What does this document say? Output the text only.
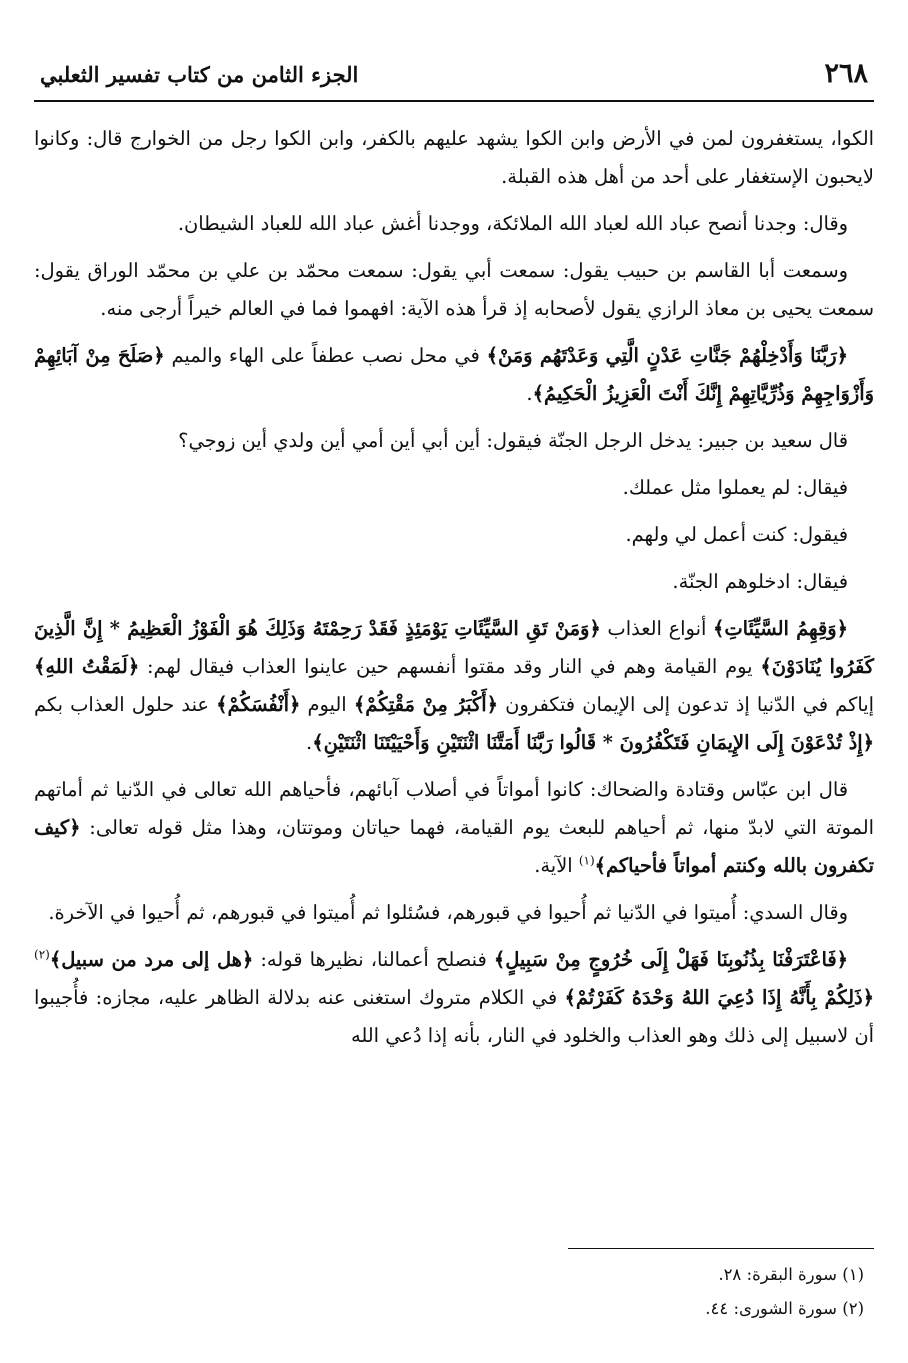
٢٦٨
الجزء الثامن من كتاب تفسير الثعلبي

الكوا، يستغفرون لمن في الأرض وابن الكوا يشهد عليهم بالكفر، وابن الكوا رجل من الخوارج قال: وكانوا لايحبون الإستغفار على أحد من أهل هذه القبلة.

وقال: وجدنا أنصح عباد الله لعباد الله الملائكة، ووجدنا أغش عباد الله للعباد الشيطان.

وسمعت أبا القاسم بن حبيب يقول: سمعت أبي يقول: سمعت محمّد بن علي بن محمّد الوراق يقول: سمعت يحيى بن معاذ الرازي يقول لأصحابه إذ قرأ هذه الآية: افهموا فما في العالم خيراً أرجى منه.

﴿رَبَّنَا وَأَدْخِلْهُمْ جَنَّاتِ عَدْنٍ الَّتِي وَعَدْتَهُم وَمَنْ﴾ في محل نصب عطفاً على الهاء والميم ﴿صَلَحَ مِنْ آبَائِهِمْ وَأَزْوَاجِهِمْ وَذُرِّيَّاتِهِمْ إِنَّكَ أَنْتَ الْعَزِيزُ الْحَكِيمُ﴾.

قال سعيد بن جبير: يدخل الرجل الجنّة فيقول: أين أبي أين أمي أين ولدي أين زوجي؟

فيقال: لم يعملوا مثل عملك.

فيقول: كنت أعمل لي ولهم.

فيقال: ادخلوهم الجنّة.

﴿وَقِهِمُ السَّيِّئَاتِ﴾ أنواع العذاب ﴿وَمَنْ تَقِ السَّيِّئَاتِ يَوْمَئِذٍ فَقَدْ رَحِمْتَهُ وَذَلِكَ هُوَ الْفَوْزُ الْعَظِيمُ * إِنَّ الَّذِينَ كَفَرُوا يُنَادَوْنَ﴾ يوم القيامة وهم في النار وقد مقتوا أنفسهم حين عاينوا العذاب فيقال لهم: ﴿لَمَقْتُ اللهِ﴾ إياكم في الدّنيا إذ تدعون إلى الإيمان فتكفرون ﴿أَكْبَرُ مِنْ مَقْتِكُمْ﴾ اليوم ﴿أَنْفُسَكُمْ﴾ عند حلول العذاب بكم ﴿إِذْ تُدْعَوْنَ إِلَى الإِيمَانِ فَتَكْفُرُونَ * قَالُوا رَبَّنَا أَمَتَّنَا اثْنَتَيْنِ وَأَحْيَيْتَنَا اثْنَتَيْنِ﴾.

قال ابن عبّاس وقتادة والضحاك: كانوا أمواتاً في أصلاب آبائهم، فأحياهم الله تعالى في الدّنيا ثم أماتهم الموتة التي لابدّ منها، ثم أحياهم للبعث يوم القيامة، فهما حياتان وموتتان، وهذا مثل قوله تعالى: ﴿كيف تكفرون بالله وكنتم أمواتاً فأحياكم﴾$^{(١)}$ الآية.

وقال السدي: أُميتوا في الدّنيا ثم أُحيوا في قبورهم، فسُئلوا ثم أُميتوا في قبورهم، ثم أُحيوا في الآخرة.

﴿فَاعْتَرَفْنَا بِذُنُوبِنَا فَهَلْ إِلَى خُرُوجٍ مِنْ سَبِيلٍ﴾ فنصلح أعمالنا، نظيرها قوله: ﴿هل إلى مرد من سبيل﴾$^{(٢)}$ ﴿ذَلِكُمْ بِأَنَّهُ إِذَا دُعِيَ اللهُ وَحْدَهُ كَفَرْتُمْ﴾ في الكلام متروك استغنى عنه بدلالة الظاهر عليه، مجازه: فأُجيبوا أن لاسبيل إلى ذلك وهو العذاب والخلود في النار، بأنه إذا دُعي الله

(١) سورة البقرة: ٢٨.

(٢) سورة الشورى: ٤٤.
